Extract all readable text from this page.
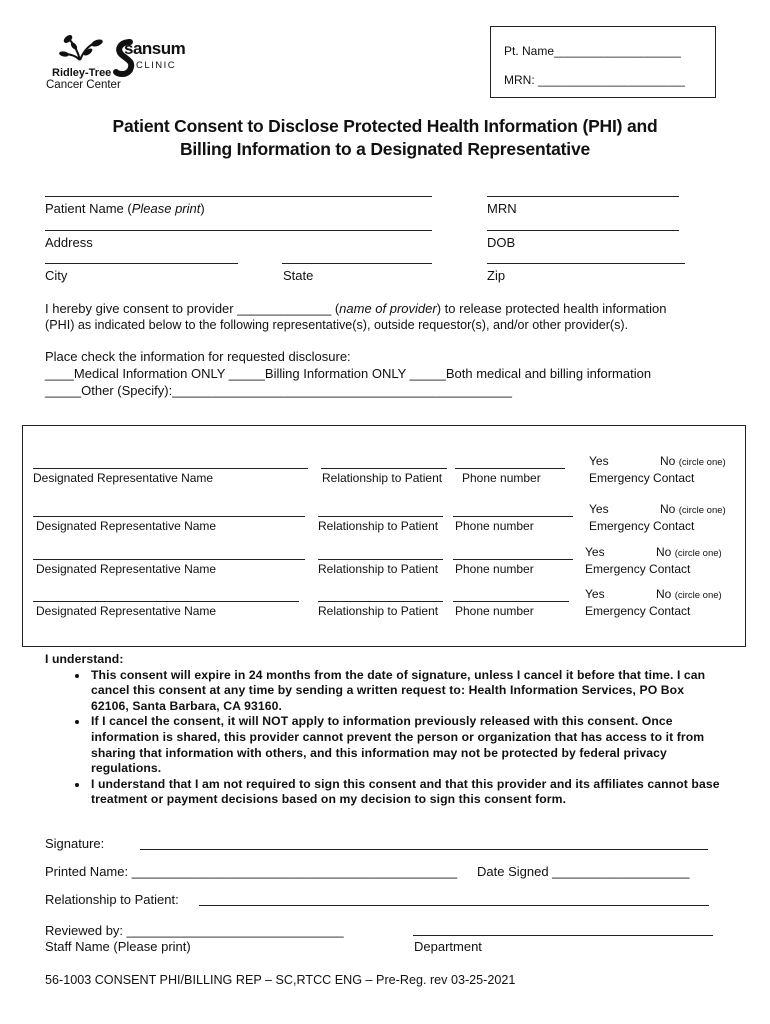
Ridley-Tree
Cancer Center
sansum
CLINIC
Pt. Name___________________
MRN: ______________________
Patient Consent to Disclose Protected Health Information (PHI) and
Billing Information to a Designated Representative
Patient Name (Please print)	MRN
Address	DOB
City	State	Zip
I hereby give consent to provider _____________ (name of provider) to release protected health information
(PHI) as indicated below to the following representative(s), outside requestor(s), and/or other provider(s).
Place check the information for requested disclosure:
____Medical Information ONLY _____Billing Information ONLY _____Both medical and billing information
_____Other (Specify):_______________________________________________
Designated Representative Name	Relationship to Patient Phone number
Yes	No (circle one)
Emergency Contact
Designated Representative Name	Relationship to Patient Phone number
Yes	No (circle one)
Emergency Contact
Designated Representative Name	Relationship to Patient Phone number
Yes	No (circle one)
Emergency Contact
Designated Representative Name	Relationship to Patient Phone number
Yes	No (circle one)
Emergency Contact
I understand:
• This consent will expire in 24 months from the date of signature, unless I cancel it before that time. I can cancel this consent at any time by sending a written request to: Health Information Services, PO Box 62106, Santa Barbara, CA 93160.
• If I cancel the consent, it will NOT apply to information previously released with this consent. Once information is shared, this provider cannot prevent the person or organization that has access to it from sharing that information with others, and this information may not be protected by federal privacy regulations.
• I understand that I am not required to sign this consent and that this provider and its affiliates cannot base treatment or payment decisions based on my decision to sign this consent form.
Signature:
Printed Name: _____________________________________________ Date Signed ___________________
Relationship to Patient:
Reviewed by: ______________________________
Staff Name (Please print)	Department
56-1003 CONSENT PHI/BILLING REP – SC,RTCC ENG – Pre-Reg. rev 03-25-2021
